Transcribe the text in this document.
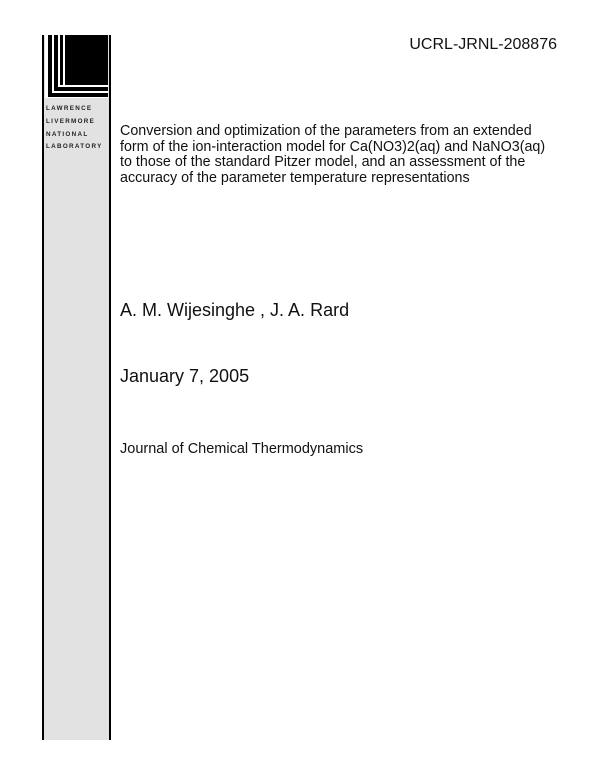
LAWRENCE
LIVERMORE
NATIONAL
LABORATORY
UCRL-JRNL-208876
Conversion and optimization of the parameters from an extended form of the ion-interaction model for Ca(NO3)2(aq) and NaNO3(aq) to those of the standard Pitzer model, and an assessment of the accuracy of the parameter temperature representations
A. M. Wijesinghe , J. A. Rard
January 7, 2005
Journal of Chemical Thermodynamics
